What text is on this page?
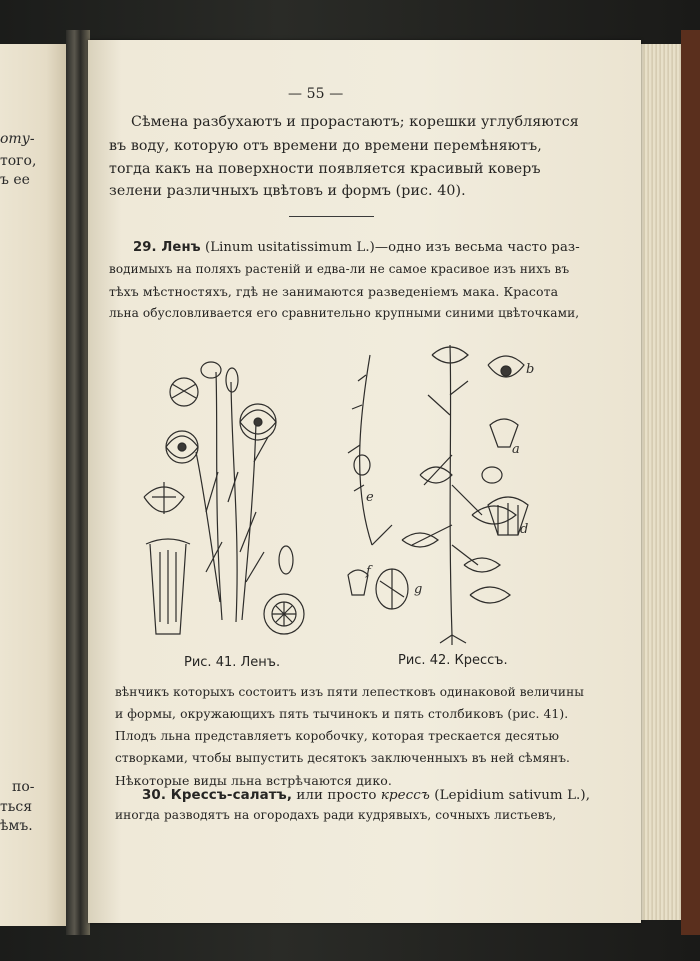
оту-
того,
ъ ее
по-
ться
ѣмъ.
— 55 —
Сѣмена разбухаютъ и прорастаютъ; корешки углубляются
въ воду, которую отъ времени до времени перемѣняютъ,
тогда какъ на поверхности появляется красивый коверъ
зелени различныхъ цвѣтовъ и формъ (рис. 40).
29. Ленъ (Linum usitatissimum L.)—одно изъ весьма часто раз-
водимыхъ на поляхъ растеній и едва-ли не самое красивое изъ нихъ въ
тѣхъ мѣстностяхъ, гдѣ не занимаются разведеніемъ мака. Красота
льна обусловливается его сравнительно крупными синими цвѣточками,
a
b
d
e
f
g
Рис. 41. Ленъ.	Рис. 42. Крессъ.
вѣнчикъ которыхъ состоитъ изъ пяти лепестковъ одинаковой величины
и формы, окружающихъ пять тычинокъ и пять столбиковъ (рис. 41).
Плодъ льна представляетъ коробочку, которая трескается десятью
створками, чтобы выпустить десятокъ заключенныхъ въ ней сѣмянъ.
Нѣкоторые виды льна встрѣчаются дико.
30. Крессъ-салатъ, или просто крессъ (Lepidium sativum L.),
иногда разводятъ на огородахъ ради кудрявыхъ, сочныхъ листьевъ,
